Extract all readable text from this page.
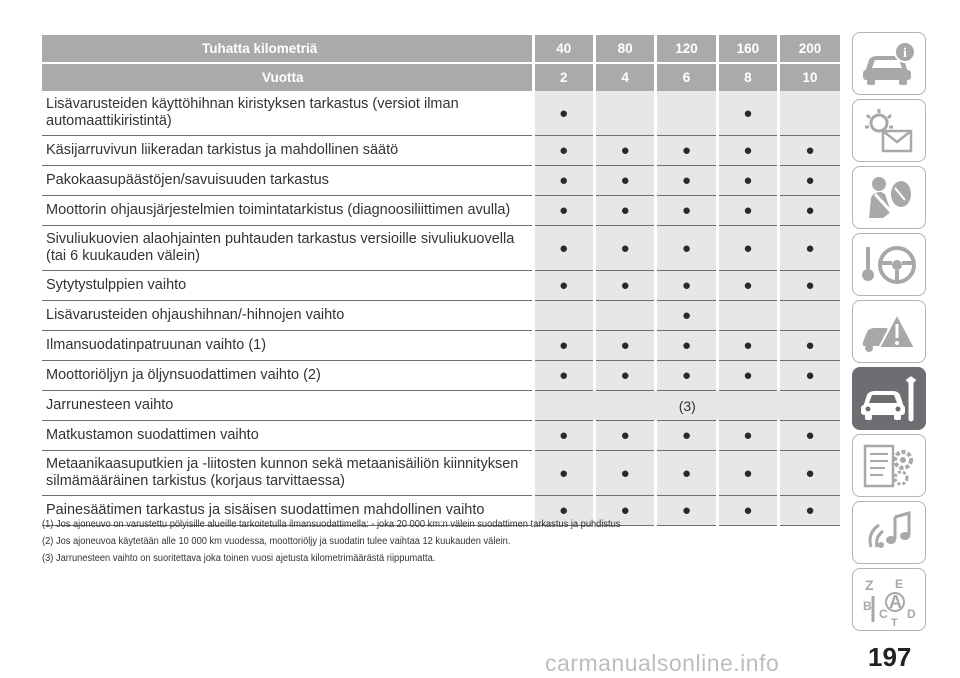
Tuhatta kilometriä	40	80	120	160	200
Vuotta	2	4	6	8	10
Lisävarusteiden käyttöhihnan kiristyksen tarkastus (versiot ilman automaattikiristintä)	●			●	
Käsijarruvivun liikeradan tarkistus ja mahdollinen säätö	●	●	●	●	●
Pakokaasupäästöjen/savuisuuden tarkastus	●	●	●	●	●
Moottorin ohjausjärjestelmien toimintatarkistus (diagnoosiliittimen avulla)	●	●	●	●	●
Sivuliukuovien alaohjainten puhtauden tarkastus versioille sivuliukuovella (tai 6 kuukauden välein)	●	●	●	●	●
Sytytystulppien vaihto	●	●	●	●	●
Lisävarusteiden ohjaushihnan/-hihnojen vaihto			●		
Ilmansuodatinpatruunan vaihto (1)	●	●	●	●	●
Moottoriöljyn ja öljynsuodattimen vaihto (2)	●	●	●	●	●
Jarrunesteen vaihto	(3)				
Matkustamon suodattimen vaihto	●	●	●	●	●
Metaanikaasuputkien ja -liitosten kunnon sekä metaanisäiliön kiinnityksen silmämääräinen tarkistus (korjaus tarvittaessa)	●	●	●	●	●
Painesäätimen tarkastus ja sisäisen suodattimen mahdollinen vaihto	●	●	●	●	●
(1) Jos ajoneuvo on varustettu pölyisille alueille tarkoitetulla ilmansuodattimella: - joka 20 000 km:n välein suodattimen tarkastus ja puhdistus
(2) Jos ajoneuvoa käytetään alle 10 000 km vuodessa, moottoriöljy ja suodatin tulee vaihtaa 12 kuukauden välein.
(3) Jarrunesteen vaihto on suoritettava joka toinen vuosi ajetusta kilometrimäärästä riippumatta.
i
Z E
B A
C D
T
197
carmanualsonline.info
